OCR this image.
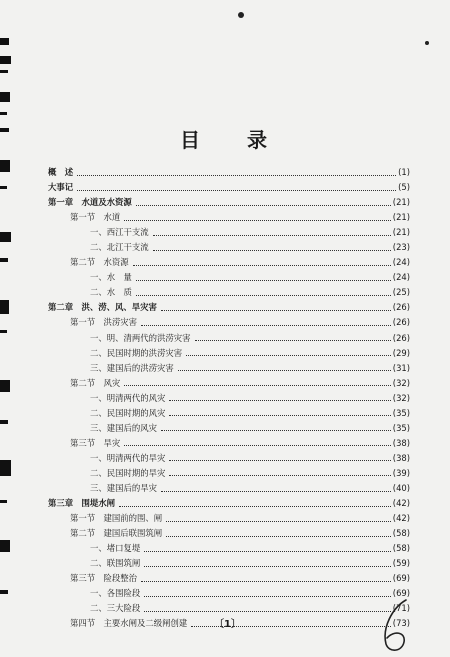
目 录
概　述	(1)
大事记	(5)
第一章　水道及水资源	(21)
第一节　水道	(21)
一、西江干支流	(21)
二、北江干支流	(23)
第二节　水资源	(24)
一、水　量	(24)
二、水　质	(25)
第二章　洪、涝、风、旱灾害	(26)
第一节　洪涝灾害	(26)
一、明、清两代的洪涝灾害	(26)
二、民国时期的洪涝灾害	(29)
三、建国后的洪涝灾害	(31)
第二节　风灾	(32)
一、明清两代的风灾	(32)
二、民国时期的风灾	(35)
三、建国后的风灾	(35)
第三节　旱灾	(38)
一、明清两代的旱灾	(38)
二、民国时期的旱灾	(39)
三、建国后的旱灾	(40)
第三章　围堤水闸	(42)
第一节　建国前的围、闸	(42)
第二节　建国后联围筑闸	(58)
一、堵口复堤	(58)
二、联围筑闸	(59)
第三节　险段整治	(69)
一、各围险段	(69)
二、三大险段	(71)
第四节　主要水闸及二级闸创建	(73)
〔1〕
